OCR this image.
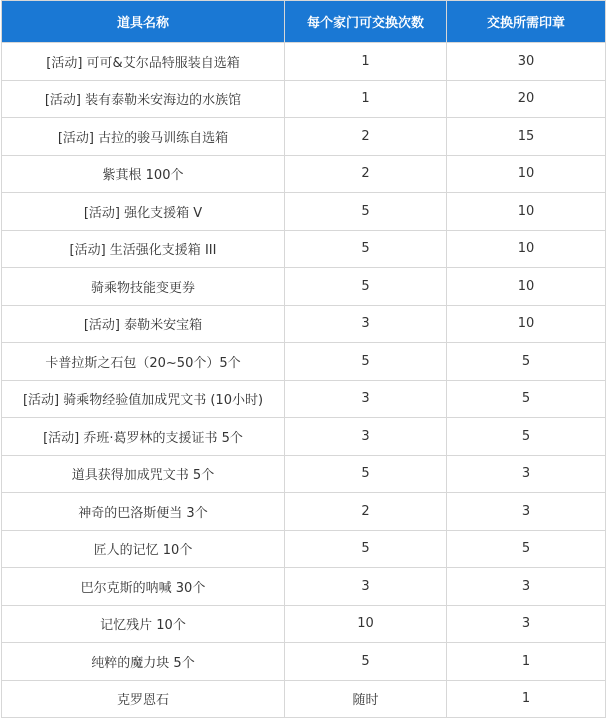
道具名称	每个家门可交换次数	交换所需印章
[活动] 可可&艾尔品特服装自选箱	1	30
[活动] 装有泰勒米安海边的水族馆	1	20
[活动] 古拉的骏马训练自选箱	2	15
紫萁根 100个	2	10
[活动] 强化支援箱 V	5	10
[活动] 生活强化支援箱 III	5	10
骑乘物技能变更券	5	10
[活动] 泰勒米安宝箱	3	10
卡普拉斯之石包（20~50个）5个	5	5
[活动] 骑乘物经验值加成咒文书 (10小时)	3	5
[活动] 乔班·葛罗林的支援证书 5个	3	5
道具获得加成咒文书 5个	5	3
神奇的巴洛斯便当 3个	2	3
匠人的记忆 10个	5	5
巴尔克斯的呐喊 30个	3	3
记忆残片 10个	10	3
纯粹的魔力块 5个	5	1
克罗恩石	随时	1
